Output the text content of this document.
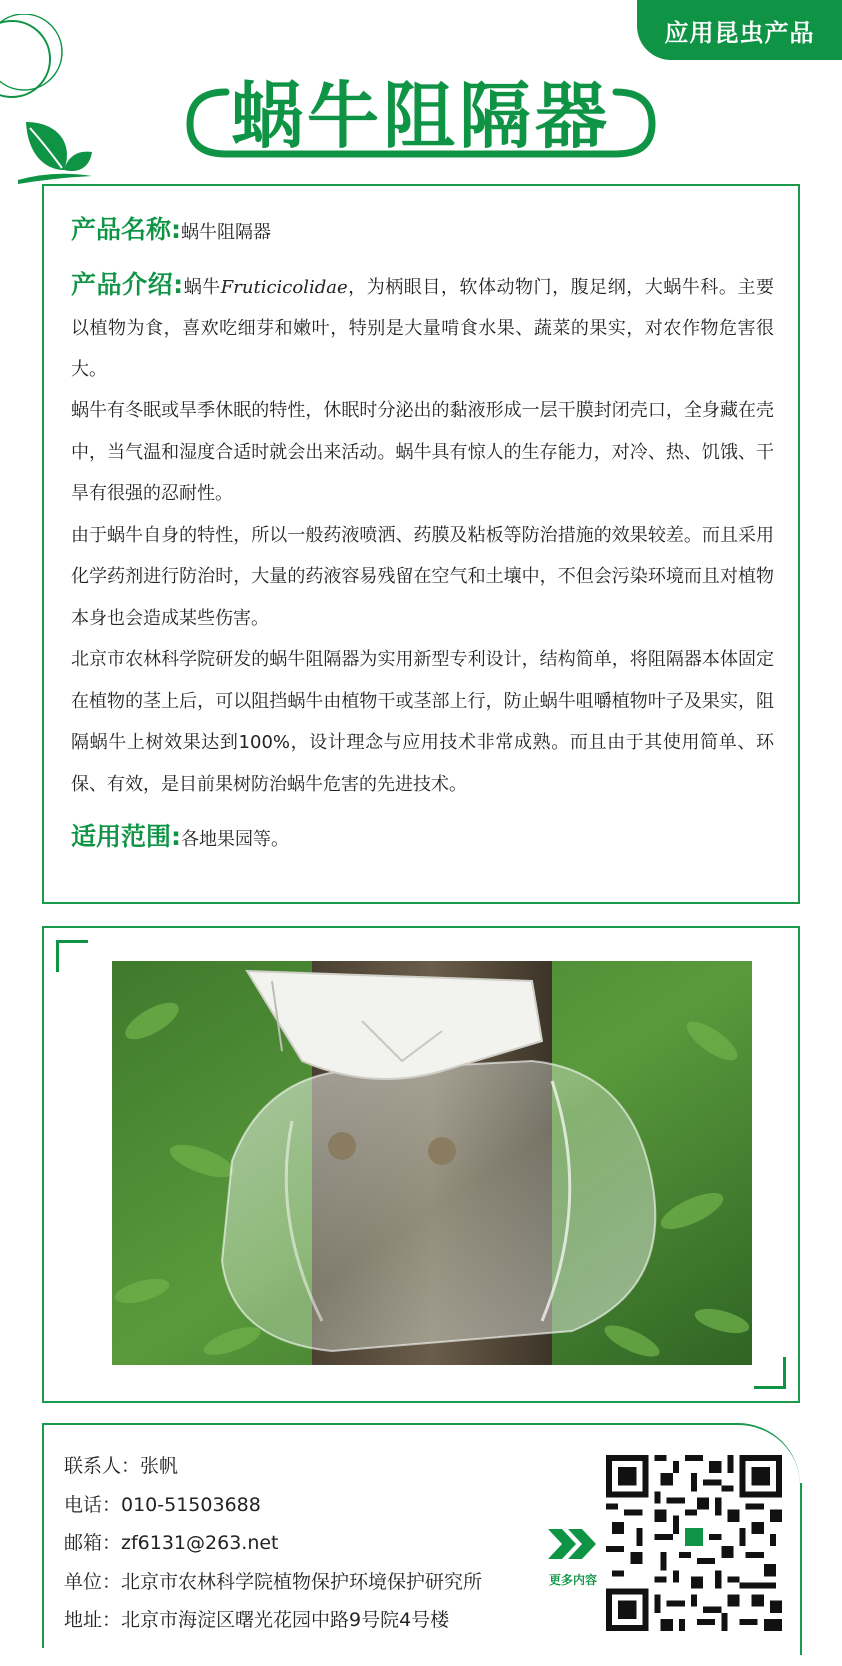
应用昆虫产品
蜗牛阻隔器
产品名称:蜗牛阻隔器
产品介绍:蜗牛Fruticicolidae，为柄眼目，软体动物门，腹足纲，大蜗牛科。主要以植物为食，喜欢吃细芽和嫩叶，特别是大量啃食水果、蔬菜的果实，对农作物危害很大。
蜗牛有冬眠或旱季休眠的特性，休眠时分泌出的黏液形成一层干膜封闭壳口，全身藏在壳中，当气温和湿度合适时就会出来活动。蜗牛具有惊人的生存能力，对冷、热、饥饿、干旱有很强的忍耐性。
由于蜗牛自身的特性，所以一般药液喷洒、药膜及粘板等防治措施的效果较差。而且采用化学药剂进行防治时，大量的药液容易残留在空气和土壤中，不但会污染环境而且对植物本身也会造成某些伤害。
北京市农林科学院研发的蜗牛阻隔器为实用新型专利设计，结构简单，将阻隔器本体固定在植物的茎上后，可以阻挡蜗牛由植物干或茎部上行，防止蜗牛咀嚼植物叶子及果实，阻隔蜗牛上树效果达到100%，设计理念与应用技术非常成熟。而且由于其使用简单、环保、有效，是目前果树防治蜗牛危害的先进技术。
适用范围:各地果园等。
联系人：张帆
电话：010-51503688
邮箱：zf6131@263.net
单位：北京市农林科学院植物保护环境保护研究所
地址：北京市海淀区曙光花园中路9号院4号楼
更多内容
